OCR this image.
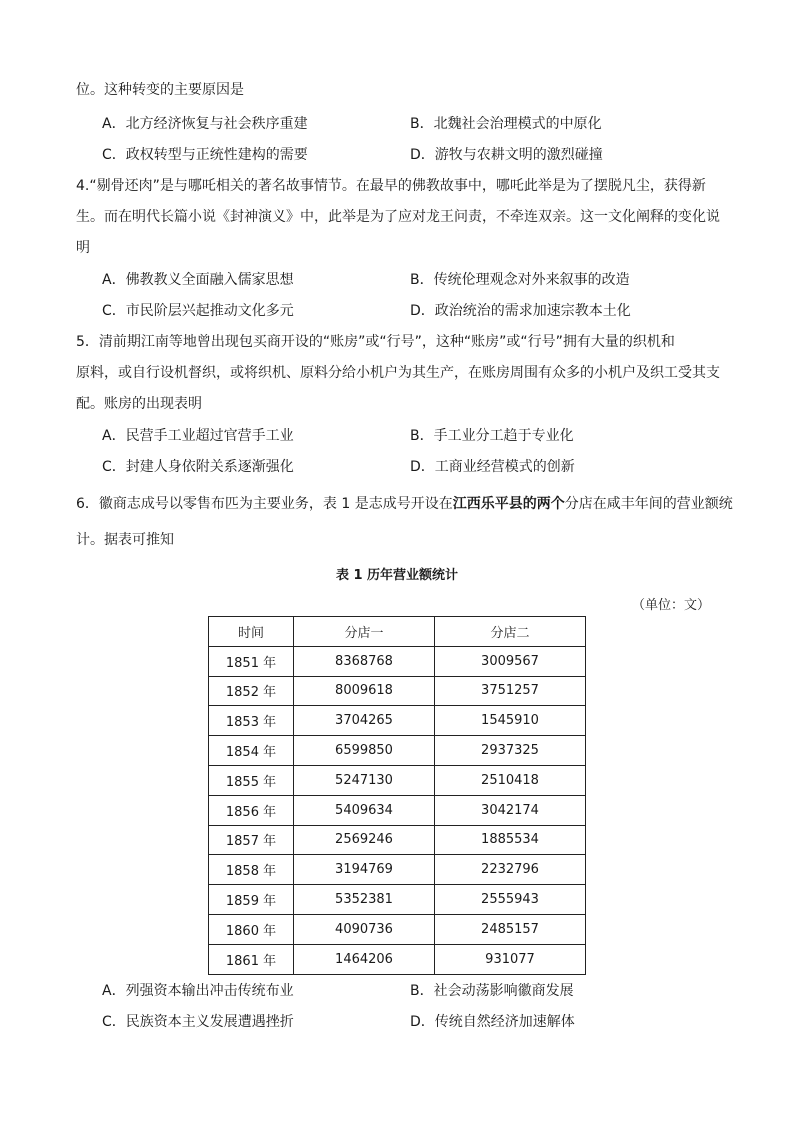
位。这种转变的主要原因是
A．北方经济恢复与社会秩序重建	B．北魏社会治理模式的中原化
C．政权转型与正统性建构的需要	D．游牧与农耕文明的激烈碰撞
4.“剔骨还肉”是与哪吒相关的著名故事情节。在最早的佛教故事中，哪吒此举是为了摆脱凡尘，获得新
生。而在明代长篇小说《封神演义》中，此举是为了应对龙王问责，不牵连双亲。这一文化阐释的变化说
明
A．佛教教义全面融入儒家思想	B．传统伦理观念对外来叙事的改造
C．市民阶层兴起推动文化多元	D．政治统治的需求加速宗教本土化
5．清前期江南等地曾出现包买商开设的“账房”或“行号”，这种“账房”或“行号”拥有大量的织机和
原料，或自行设机督织，或将织机、原料分给小机户为其生产，在账房周围有众多的小机户及织工受其支
配。账房的出现表明
A．民营手工业超过官营手工业	B．手工业分工趋于专业化
C．封建人身依附关系逐渐强化	D．工商业经营模式的创新
6．徽商志成号以零售布匹为主要业务，表 1 是志成号开设在江西乐平县的两个分店在咸丰年间的营业额统
计。据表可推知
表 1 历年营业额统计
（单位：文）
时间	分店一	分店二
1851 年	8368768	3009567
1852 年	8009618	3751257
1853 年	3704265	1545910
1854 年	6599850	2937325
1855 年	5247130	2510418
1856 年	5409634	3042174
1857 年	2569246	1885534
1858 年	3194769	2232796
1859 年	5352381	2555943
1860 年	4090736	2485157
1861 年	1464206	931077
A．列强资本输出冲击传统布业	B．社会动荡影响徽商发展
C．民族资本主义发展遭遇挫折	D．传统自然经济加速解体
